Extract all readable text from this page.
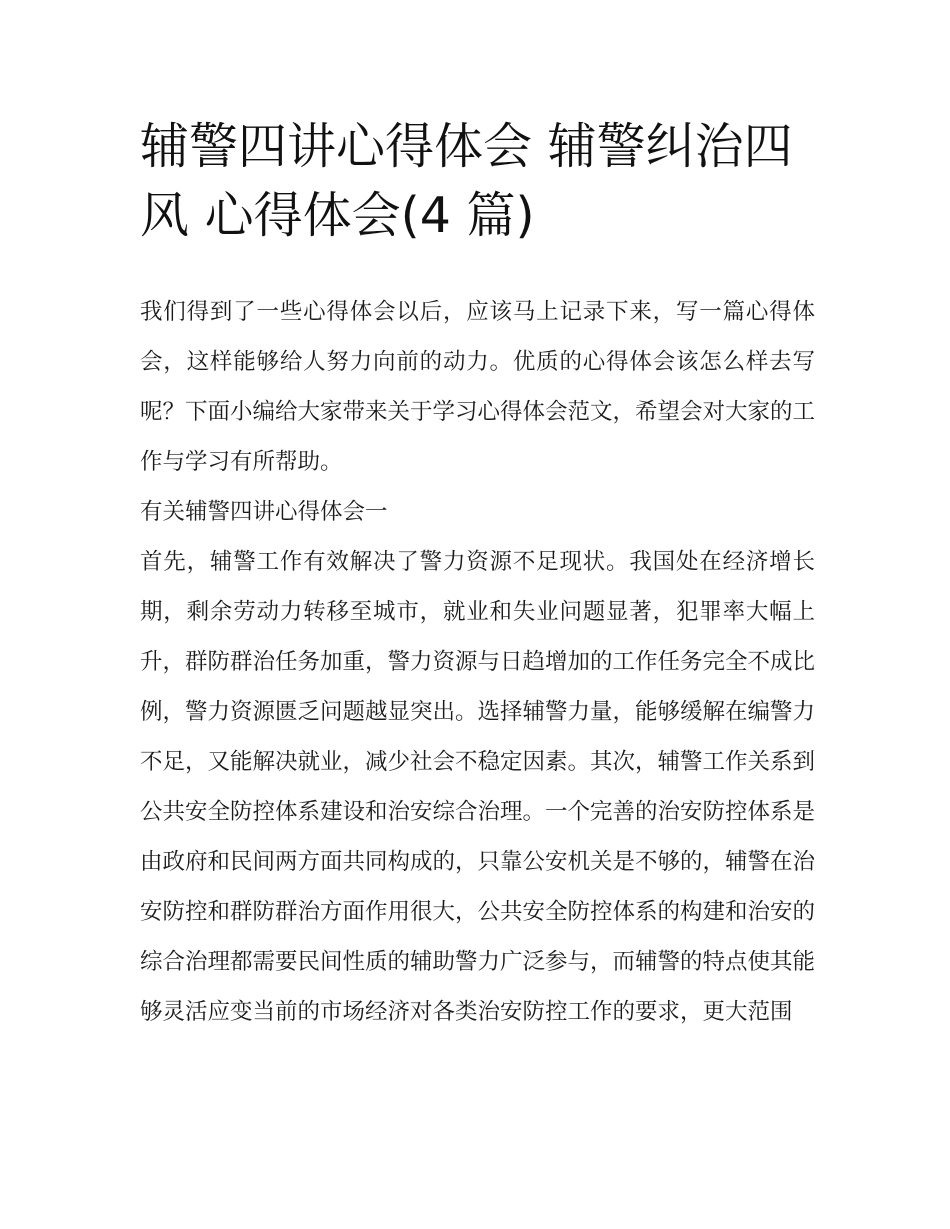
辅警四讲心得体会 辅警纠治四风 心得体会(4 篇)

我们得到了一些心得体会以后，应该马上记录下来，写一篇心得体会，这样能够给人努力向前的动力。优质的心得体会该怎么样去写呢？下面小编给大家带来关于学习心得体会范文，希望会对大家的工作与学习有所帮助。

有关辅警四讲心得体会一

首先，辅警工作有效解决了警力资源不足现状。我国处在经济增长期，剩余劳动力转移至城市，就业和失业问题显著，犯罪率大幅上升，群防群治任务加重，警力资源与日趋增加的工作任务完全不成比例，警力资源匮乏问题越显突出。选择辅警力量，能够缓解在编警力不足，又能解决就业，减少社会不稳定因素。其次，辅警工作关系到公共安全防控体系建设和治安综合治理。一个完善的治安防控体系是由政府和民间两方面共同构成的，只靠公安机关是不够的，辅警在治安防控和群防群治方面作用很大，公共安全防控体系的构建和治安的综合治理都需要民间性质的辅助警力广泛参与，而辅警的特点使其能够灵活应变当前的市场经济对各类治安防控工作的要求，更大范围
